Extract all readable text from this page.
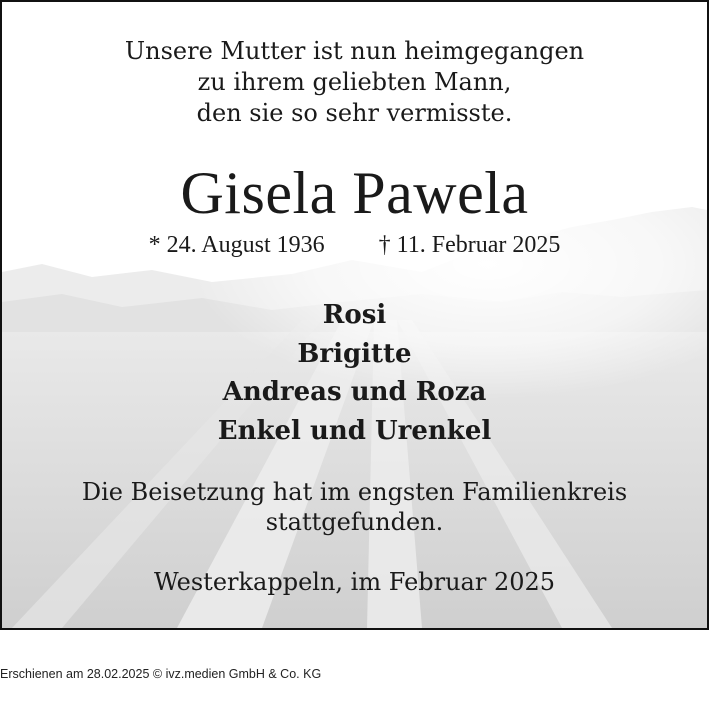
Unsere Mutter ist nun heimgegangen
zu ihrem geliebten Mann,
den sie so sehr vermisste.
Gisela Pawela
* 24. August 1936 † 11. Februar 2025
Rosi
Brigitte
Andreas und Roza
Enkel und Urenkel
Die Beisetzung hat im engsten Familienkreis
stattgefunden.
Westerkappeln, im Februar 2025
Erschienen am 28.02.2025 © ivz.medien GmbH & Co. KG
